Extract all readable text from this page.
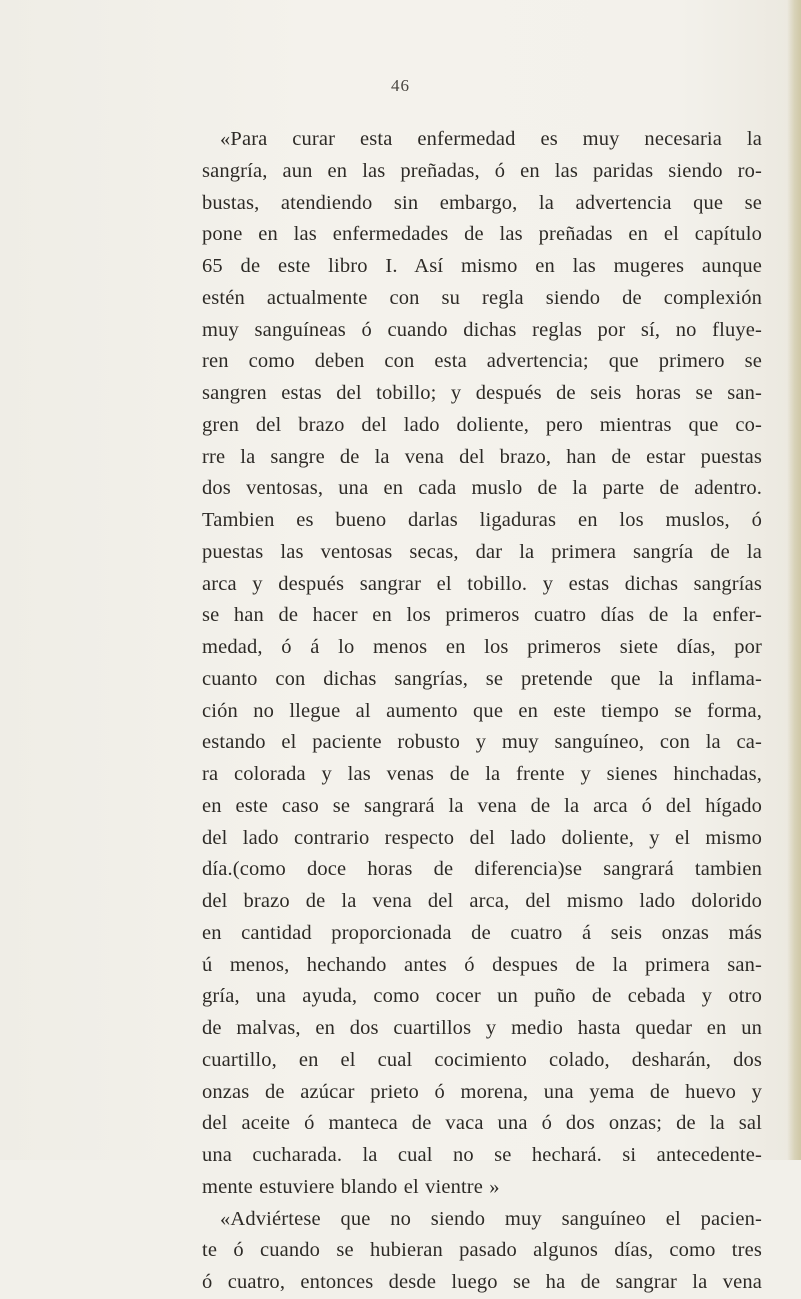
46
«Para curar esta enfermedad es muy necesaria la
sangría, aun en las preñadas, ó en las paridas siendo ro-
bustas, atendiendo sin embargo, la advertencia que se
pone en las enfermedades de las preñadas en el capítulo
65 de este libro I. Así mismo en las mugeres aunque
estén actualmente con su regla siendo de complexión
muy sanguíneas ó cuando dichas reglas por sí, no fluye-
ren como deben con esta advertencia; que primero se
sangren estas del tobillo; y después de seis horas se san-
gren del brazo del lado doliente, pero mientras que co-
rre la sangre de la vena del brazo, han de estar puestas
dos ventosas, una en cada muslo de la parte de adentro.
Tambien es bueno darlas ligaduras en los muslos, ó
puestas las ventosas secas, dar la primera sangría de la
arca y después sangrar el tobillo. y estas dichas sangrías
se han de hacer en los primeros cuatro días de la enfer-
medad, ó á lo menos en los primeros siete días, por
cuanto con dichas sangrías, se pretende que la inflama-
ción no llegue al aumento que en este tiempo se forma,
estando el paciente robusto y muy sanguíneo, con la ca-
ra colorada y las venas de la frente y sienes hinchadas,
en este caso se sangrará la vena de la arca ó del hígado
del lado contrario respecto del lado doliente, y el mismo
día.(como doce horas de diferencia)se sangrará tambien
del brazo de la vena del arca, del mismo lado dolorido
en cantidad proporcionada de cuatro á seis onzas más
ú menos, hechando antes ó despues de la primera san-
gría, una ayuda, como cocer un puño de cebada y otro
de malvas, en dos cuartillos y medio hasta quedar en un
cuartillo, en el cual cocimiento colado, desharán, dos
onzas de azúcar prieto ó morena, una yema de huevo y
del aceite ó manteca de vaca una ó dos onzas; de la sal
una cucharada. la cual no se hechará. si antecedente-
mente estuviere blando el vientre »
«Adviértese que no siendo muy sanguíneo el pacien-
te ó cuando se hubieran pasado algunos días, como tres
ó cuatro, entonces desde luego se ha de sangrar la vena
